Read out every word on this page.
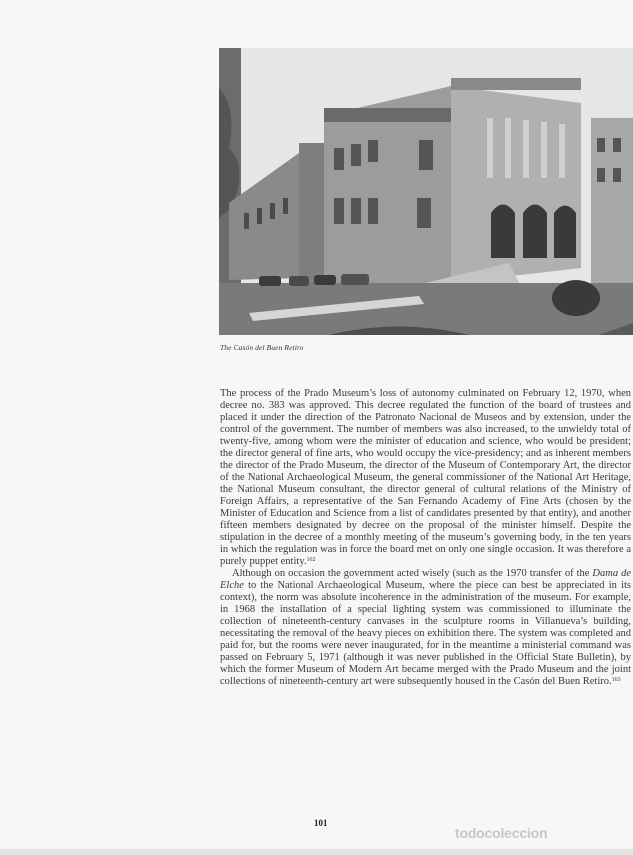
The Casón del Buen Retiro

The process of the Prado Museum’s loss of autonomy culminated on February 12, 1970, when decree no. 383 was approved. This decree regulated the function of the board of trustees and placed it under the direction of the Patronato Nacional de Museos and by extension, under the control of the government. The number of members was also increased, to the unwieldy total of twenty-five, among whom were the minister of education and science, who would be president; the director general of fine arts, who would occupy the vice-presidency; and as inherent members the director of the Prado Museum, the director of the Museum of Contemporary Art, the director of the National Archaeological Museum, the general commissioner of the National Art Heritage, the National Museum consultant, the director general of cultural relations of the Ministry of Foreign Affairs, a representative of the San Fernando Academy of Fine Arts (chosen by the Minister of Education and Science from a list of candidates presented by that entity), and another fifteen members designated by decree on the proposal of the minister himself. Despite the stipulation in the decree of a monthly meeting of the museum’s governing body, in the ten years in which the regulation was in force the board met on only one single occasion. It was therefore a purely puppet entity.$^{162}$

Although on occasion the government acted wisely (such as the 1970 transfer of the Dama de Elche to the National Archaeological Museum, where the piece can best be appreciated in its context), the norm was absolute incoherence in the administration of the museum. For example, in 1968 the installation of a special lighting system was commissioned to illuminate the collection of nineteenth-century canvases in the sculpture rooms in Villanueva’s building, necessitating the removal of the heavy pieces on exhibition there. The system was completed and paid for, but the rooms were never inaugurated, for in the meantime a ministerial command was passed on February 5, 1971 (although it was never published in the Official State Bulletin), by which the former Museum of Modern Art became merged with the Prado Museum and the joint collections of nineteenth-century art were subsequently housed in the Casón del Buen Retiro.$^{163}$

101
todocoleccion
